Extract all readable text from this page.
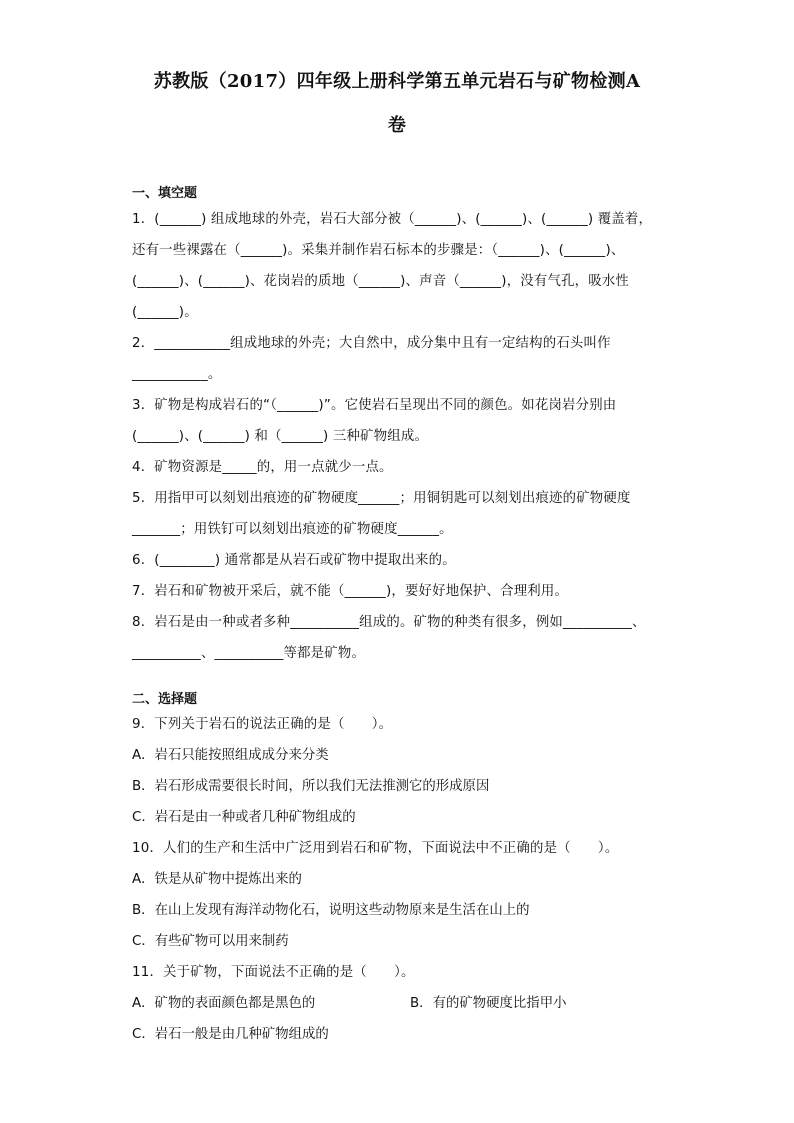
苏教版（2017）四年级上册科学第五单元岩石与矿物检测A
卷

一、填空题

1．(______) 组成地球的外壳，岩石大部分被（______)、(______)、(______) 覆盖着，

还有一些裸露在（______)。采集并制作岩石标本的步骤是：（______)、(______)、

(______)、(______)、花岗岩的质地（______)、声音（______)，没有气孔，吸水性

(______)。

2．___________组成地球的外壳；大自然中，成分集中且有一定结构的石头叫作

___________。

3．矿物是构成岩石的“（______)”。它使岩石呈现出不同的颜色。如花岗岩分别由

(______)、(______) 和（______) 三种矿物组成。

4．矿物资源是_____的，用一点就少一点。

5．用指甲可以刻划出痕迹的矿物硬度______；用铜钥匙可以刻划出痕迹的矿物硬度

_______；用铁钉可以刻划出痕迹的矿物硬度______。

6．(________) 通常都是从岩石或矿物中提取出来的。

7．岩石和矿物被开采后，就不能（______)，要好好地保护、合理利用。

8．岩石是由一种或者多种__________组成的。矿物的种类有很多，例如__________、

__________、__________等都是矿物。

二、选择题

9．下列关于岩石的说法正确的是（　　）。

A．岩石只能按照组成成分来分类

B．岩石形成需要很长时间，所以我们无法推测它的形成原因

C．岩石是由一种或者几种矿物组成的

10．人们的生产和生活中广泛用到岩石和矿物，下面说法中不正确的是（　　）。

A．铁是从矿物中提炼出来的

B．在山上发现有海洋动物化石，说明这些动物原来是生活在山上的

C．有些矿物可以用来制药

11．关于矿物，下面说法不正确的是（　　）。

A．矿物的表面颜色都是黑色的	B．有的矿物硬度比指甲小

C．岩石一般是由几种矿物组成的
